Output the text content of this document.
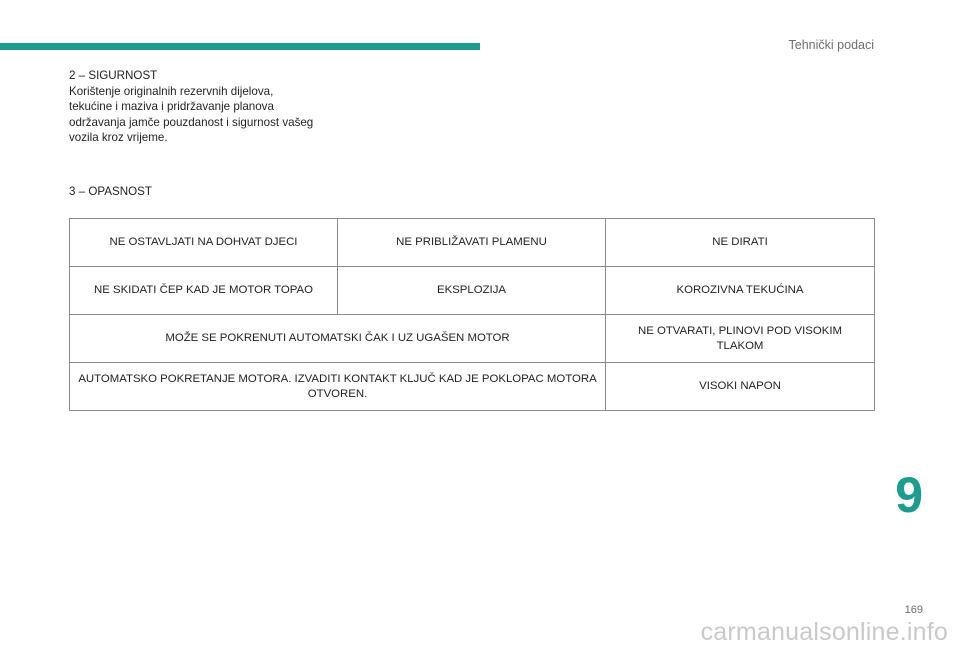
Tehnički podaci

2 – SIGURNOST

Korištenje originalnih rezervnih dijelova,

tekućine i maziva i pridržavanje planova

održavanja jamče pouzdanost i sigurnost vašeg

vozila kroz vrijeme.

3 – OPASNOST

NE OSTAVLJATI NA DOHVAT DJECI	NE PRIBLIŽAVATI PLAMENU	NE DIRATI
NE SKIDATI ČEP KAD JE MOTOR TOPAO	EKSPLOZIJA	KOROZIVNA TEKUĆINA
MOŽE SE POKRENUTI AUTOMATSKI ČAK I UZ UGAŠEN MOTOR		NE OTVARATI, PLINOVI POD VISOKIM TLAKOM
AUTOMATSKO POKRETANJE MOTORA. IZVADITI KONTAKT KLJUČ KAD JE POKLOPAC MOTORA OTVOREN.		VISOKI NAPON
9
169
carmanualsonline.info
